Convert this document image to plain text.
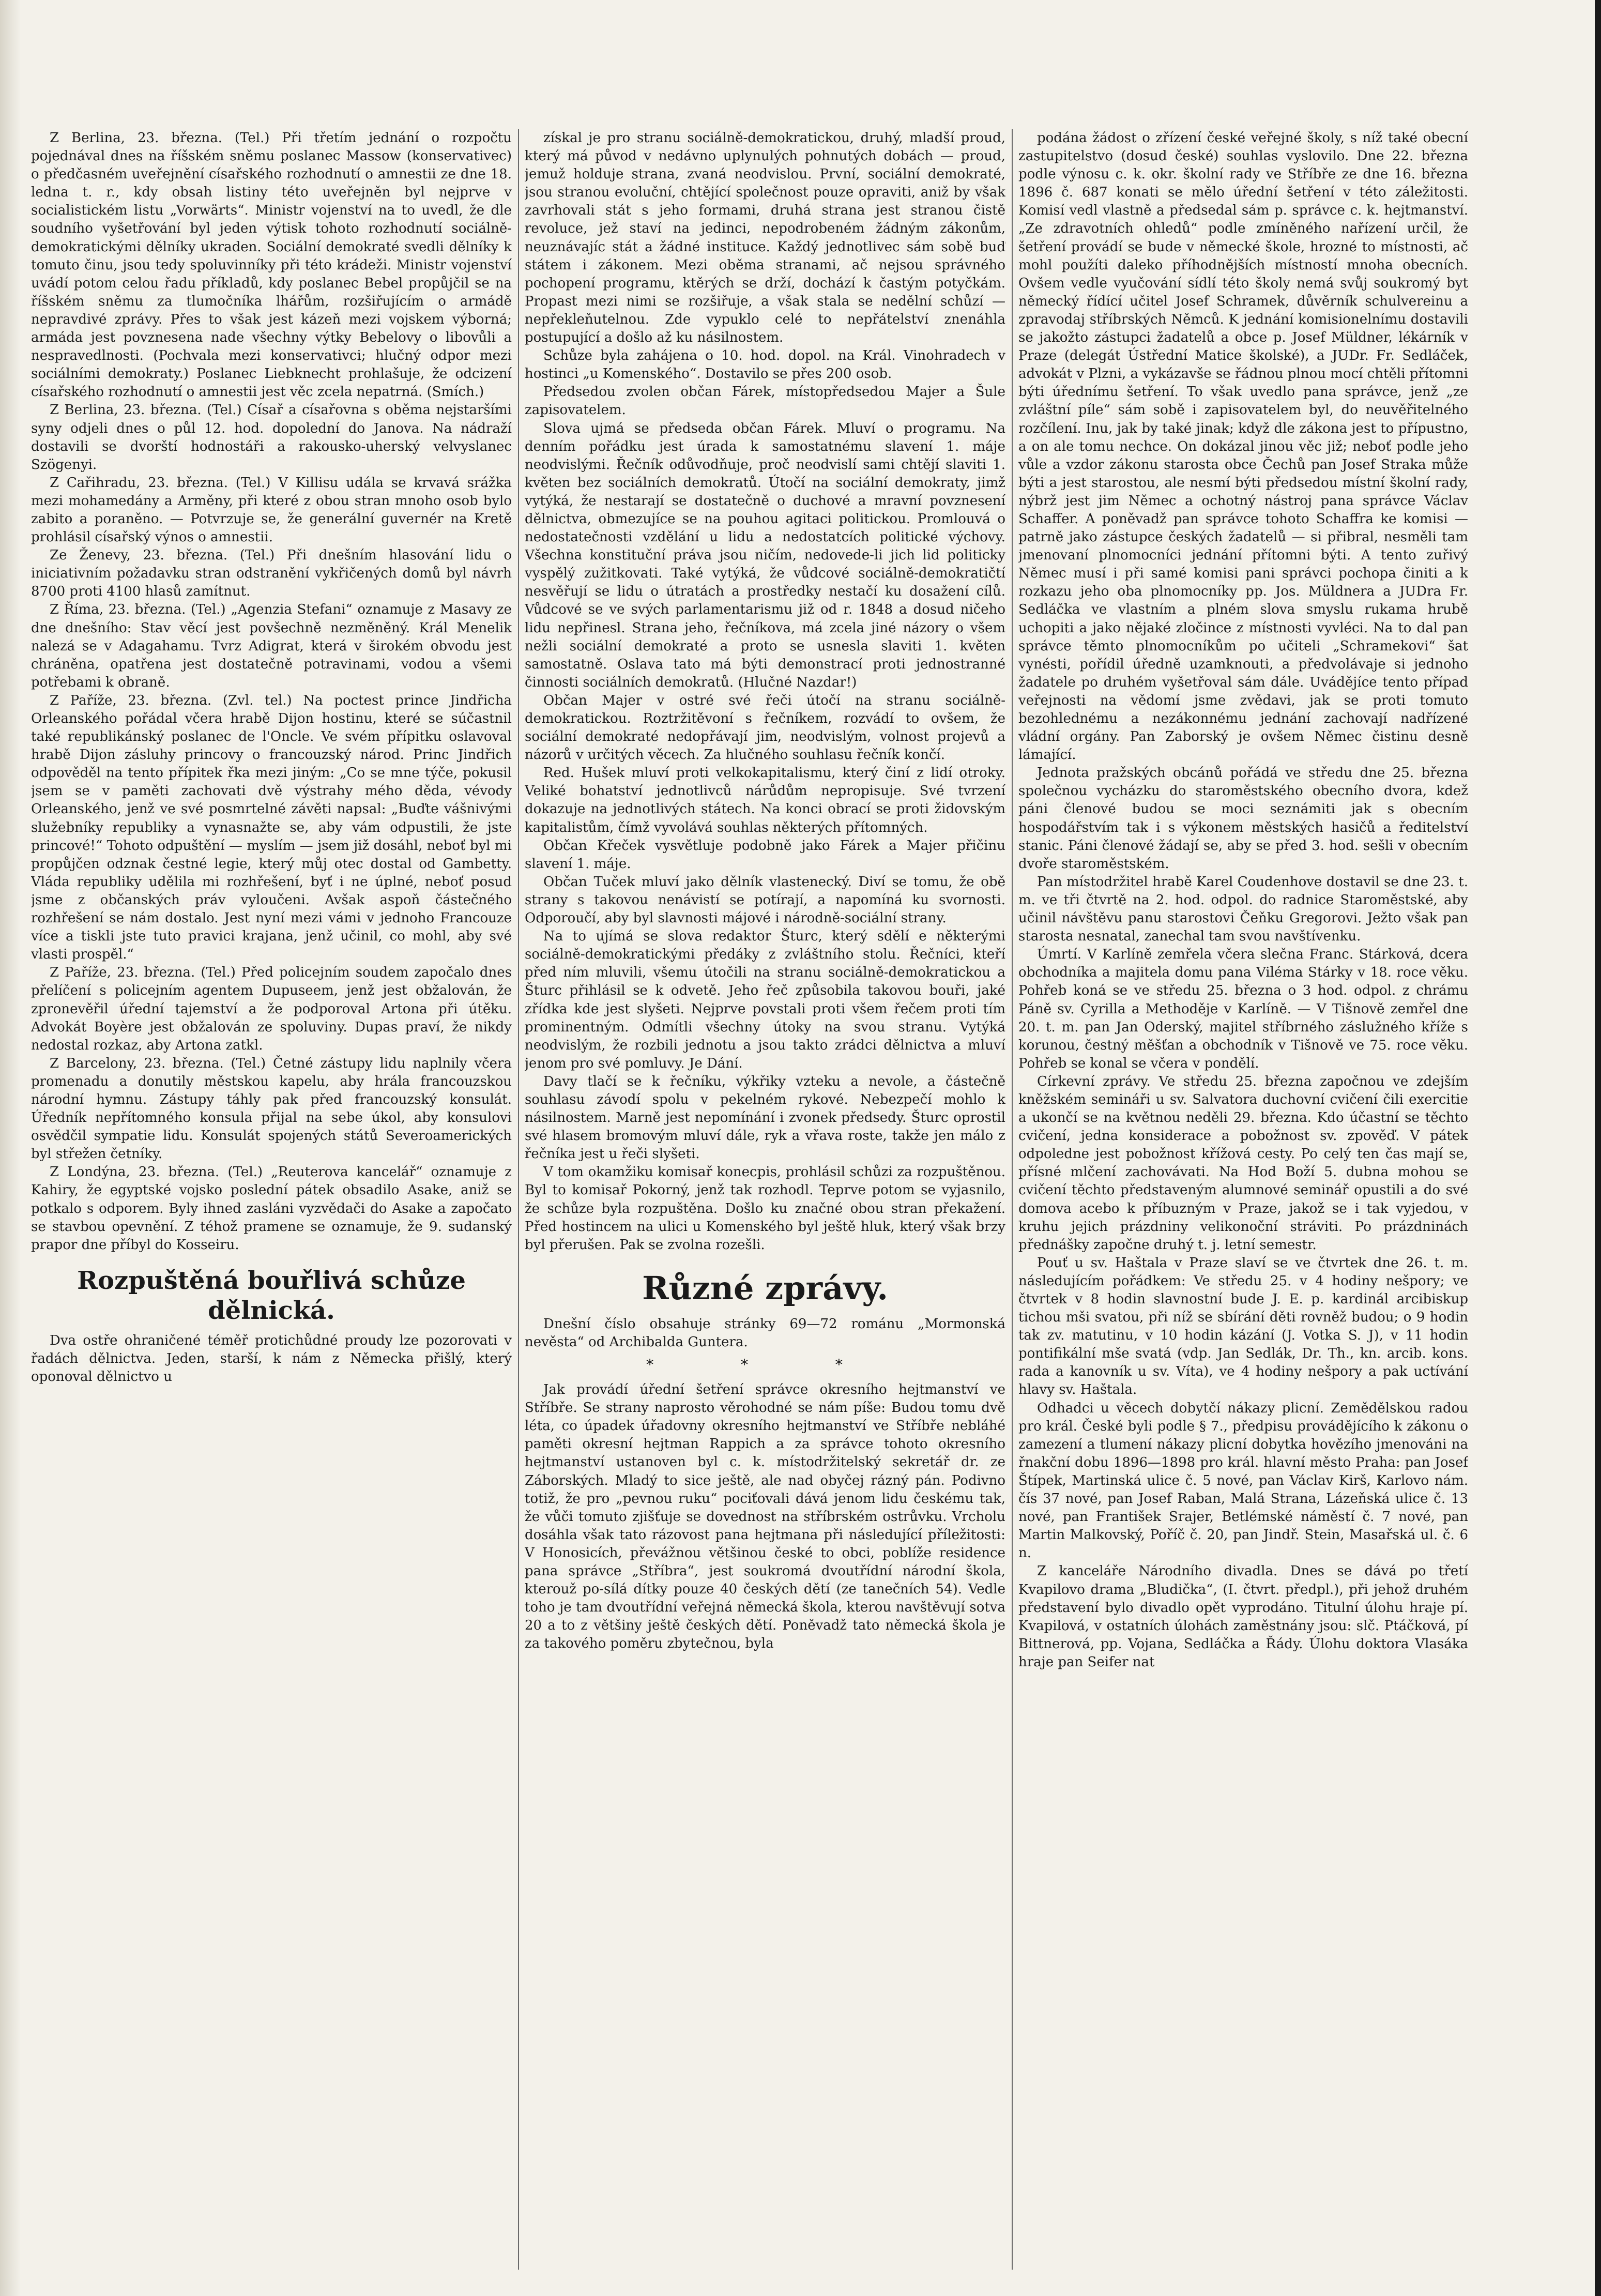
Z Berlina, 23. března. (Tel.) Při třetím jednání o rozpočtu pojednával dnes na říšském sněmu poslanec Massow (konservativec) o předčasném uveřejnění císařského rozhodnutí o amnestii ze dne 18. ledna t. r., kdy obsah listiny této uveřejněn byl nejprve v socialistickém listu „Vorwärts“. Ministr vojenství na to uvedl, že dle soudního vyšetřování byl jeden výtisk tohoto rozhodnutí sociálně-demokratickými dělníky ukraden. Sociální demokraté svedli dělníky k tomuto činu, jsou tedy spoluvinníky při této krádeži. Ministr vojenství uvádí potom celou řadu příkladů, kdy poslanec Bebel propůjčil se na říšském sněmu za tlumočníka lhářům, rozšiřujícím o armádě nepravdivé zprávy. Přes to však jest kázeň mezi vojskem výborná; armáda jest povznesena nade všechny výtky Bebelovy o libovůli a nespravedlnosti. (Pochvala mezi konservativci; hlučný odpor mezi sociálními demokraty.) Poslanec Liebknecht prohlašuje, že odcizení císařského rozhodnutí o amnestii jest věc zcela nepatrná. (Smích.)

Z Berlina, 23. března. (Tel.) Císař a císařovna s oběma nejstaršími syny odjeli dnes o půl 12. hod. dopolední do Janova. Na nádraží dostavili se dvorští hodnostáři a rakousko-uherský velvyslanec Szögenyi.

Z Cařihradu, 23. března. (Tel.) V Killisu udála se krvavá srážka mezi mohamedány a Arměny, při které z obou stran mnoho osob bylo zabito a poraněno. — Potvrzuje se, že generální guvernér na Kretě prohlásil císařský výnos o amnestii.

Ze Ženevy, 23. března. (Tel.) Při dnešním hlasování lidu o iniciativním požadavku stran odstranění vykřičených domů byl návrh 8700 proti 4100 hlasů zamítnut.

Z Říma, 23. března. (Tel.) „Agenzia Stefani“ oznamuje z Masavy ze dne dnešního: Stav věcí jest povšechně nezměněný. Král Menelik nalezá se v Adagahamu. Tvrz Adigrat, která v širokém obvodu jest chráněna, opatřena jest dostatečně potravinami, vodou a všemi potřebami k obraně.

Z Paříže, 23. března. (Zvl. tel.) Na poctest prince Jindřicha Orleanského pořádal včera hrabě Dijon hostinu, které se súčastnil také republikánský poslanec de l'Oncle. Ve svém přípitku oslavoval hrabě Dijon zásluhy princovy o francouzský národ. Princ Jindřich odpověděl na tento přípitek řka mezi jiným: „Co se mne týče, pokusil jsem se v paměti zachovati dvě výstrahy mého děda, vévody Orleanského, jenž ve své posmrtelné závěti napsal: „Buďte vášnivými služebníky republiky a vynasnažte se, aby vám odpustili, že jste princové!“ Tohoto odpuštění — myslím — jsem již dosáhl, neboť byl mi propůjčen odznak čestné legie, který můj otec dostal od Gambetty. Vláda republiky udělila mi rozhřešení, byť i ne úplné, neboť posud jsme z občanských práv vyloučeni. Avšak aspoň částečného rozhřešení se nám dostalo. Jest nyní mezi vámi v jednoho Francouze více a tiskli jste tuto pravici krajana, jenž učinil, co mohl, aby své vlasti prospěl.“

Z Paříže, 23. března. (Tel.) Před policejním soudem započalo dnes přelíčení s policejním agentem Dupuseem, jenž jest obžalován, že zpronevěřil úřední tajemství a že podporoval Artona při útěku. Advokát Boyère jest obžalován ze spoluviny. Dupas praví, že nikdy nedostal rozkaz, aby Artona zatkl.

Z Barcelony, 23. března. (Tel.) Četné zástupy lidu naplnily včera promenadu a donutily městskou kapelu, aby hrála francouzskou národní hymnu. Zástupy táhly pak před francouzský konsulát. Úředník nepřítomného konsula přijal na sebe úkol, aby konsulovi osvědčil sympatie lidu. Konsulát spojených států Severoamerických byl střežen četníky.

Z Londýna, 23. března. (Tel.) „Reuterova kancelář“ oznamuje z Kahiry, že egyptské vojsko poslední pátek obsadilo Asake, aniž se potkalo s odporem. Byly ihned zasláni vyzvědači do Asake a započato se stavbou opevnění. Z téhož pramene se oznamuje, že 9. sudanský prapor dne příbyl do Kosseiru.

Rozpuštěná bouřlivá schůze dělnická.

Dva ostře ohraničené téměř protichůdné proudy lze pozorovati v řadách dělnictva. Jeden, starší, k nám z Německa přišlý, který oponoval dělnictvo u

získal je pro stranu sociálně-demokratickou, druhý, mladší proud, který má původ v nedávno uplynulých pohnutých dobách — proud, jemuž holduje strana, zvaná neodvislou. První, sociální demokraté, jsou stranou evoluční, chtějící společnost pouze opraviti, aniž by však zavrhovali stát s jeho formami, druhá strana jest stranou čistě revoluce, jež staví na jedinci, nepodrobeném žádným zákonům, neuznávajíc stát a žádné instituce. Každý jednotlivec sám sobě buď státem i zákonem. Mezi oběma stranami, ač nejsou správného pochopení programu, ktěrých se drží, dochází k častým potyčkám. Propast mezi nimi se rozšiřuje, a však stala se nedělní schůzí — nepřekleňutelnou. Zde vypuklo celé to nepřátelství znenáhla postupující a došlo až ku násilnostem.

Schůze byla zahájena o 10. hod. dopol. na Král. Vinohradech v hostinci „u Komenského“. Dostavilo se přes 200 osob.

Předsedou zvolen občan Fárek, místopředsedou Majer a Šule zapisovatelem.

Slova ujmá se předseda občan Fárek. Mluví o programu. Na denním pořádku jest úrada k samostatnému slavení 1. máje neodvislými. Řečník odůvodňuje, proč neodvislí sami chtějí slaviti 1. květen bez sociálních demokratů. Útočí na sociální demokraty, jimž vytýká, že nestarají se dostatečně o duchové a mravní povznesení dělnictva, obmezujíce se na pouhou agitaci politickou. Promlouvá o nedostatečnosti vzdělání u lidu a nedostatcích politické výchovy. Všechna konstituční práva jsou ničím, nedovede-li jich lid politicky vyspělý zužitkovati. Také vytýká, že vůdcové sociálně-demokratičtí nesvěřují se lidu o útratách a prostředky nestačí ku dosažení cílů. Vůdcové se ve svých parlamentarismu již od r. 1848 a dosud ničeho lidu nepřinesl. Strana jeho, řečníkova, má zcela jiné názory o všem nežli sociální demokraté a proto se usnesla slaviti 1. květen samostatně. Oslava tato má býti demonstrací proti jednostranné činnosti sociálních demokratů. (Hlučné Nazdar!)

Občan Majer v ostré své řeči útočí na stranu sociálně-demokratickou. Roztržitěvoní s řečníkem, rozvádí to ovšem, že sociální demokraté nedopřávají jim, neodvislým, volnost projevů a názorů v určitých věcech. Za hlučného souhlasu řečník končí.

Red. Hušek mluví proti velkokapitalismu, který činí z lidí otroky. Veliké bohatství jednotlivců nárůdům nepropisuje. Své tvrzení dokazuje na jednotlivých státech. Na konci obrací se proti židovským kapitalistům, čímž vyvolává souhlas některých přítomných.

Občan Křeček vysvětluje podobně jako Fárek a Majer přičinu slavení 1. máje.

Občan Tuček mluví jako dělník vlastenecký. Diví se tomu, že obě strany s takovou nenávistí se potírají, a napomíná ku svornosti. Odporoučí, aby byl slavnosti májové i národně-sociální strany.

Na to ujímá se slova redaktor Šturc, který sdělí e některými sociálně-demokratickými předáky z zvláštního stolu. Řečníci, kteří před ním mluvili, všemu útočili na stranu sociálně-demokratickou a Šturc přihlásil se k odvetě. Jeho řeč způsobila takovou bouři, jaké zřídka kde jest slyšeti. Nejprve povstali proti všem řečem proti tím prominentným. Odmítli všechny útoky na svou stranu. Vytýká neodvislým, že rozbili jednotu a jsou takto zrádci dělnictva a mluví jenom pro své pomluvy. Je Dání.

Davy tlačí se k řečníku, výkřiky vzteku a nevole, a částečně souhlasu závodí spolu v pekelném rykové. Nebezpečí mohlo k násilnostem. Marně jest nepomínání i zvonek předsedy. Šturc oprostil své hlasem bromovým mluví dále, ryk a vřava roste, takže jen málo z řečníka jest u řeči slyšeti.

V tom okamžiku komisař konecpis, prohlásil schůzi za rozpuštěnou. Byl to komisař Pokorný, jenž tak rozhodl. Teprve potom se vyjasnilo, že schůze byla rozpuštěna. Došlo ku značné obou stran překažení. Před hostincem na ulici u Komenského byl ještě hluk, který však brzy byl přerušen. Pak se zvolna rozešli.

Různé zprávy.

Dnešní číslo obsahuje stránky 69—72 románu „Mormonská nevěsta“ od Archibalda Guntera.

* * *

Jak provádí úřední šetření správce okresního hejtmanství ve Stříbře. Se strany naprosto věrohodné se nám píše: Budou tomu dvě léta, co úpadek úřadovny okresního hejtmanství ve Stříbře nebláhé paměti okresní hejtman Rappich a za správce tohoto okresního hejtmanství ustanoven byl c. k. místodržitelský sekretář dr. ze Záborských. Mladý to sice ještě, ale nad obyčej rázný pán. Podivno totiž, že pro „pevnou ruku“ pociťovali dává jenom lidu českému tak, že vůči tomuto zjišťuje se dovednost na stříbrském ostrůvku. Vrcholu dosáhla však tato rázovost pana hejtmana při následující příležitosti: V Honosicích, převážnou většinou české to obci, poblíže residence pana správce „Stříbra“, jest soukromá dvoutřídní národní škola, kterouž po-sílá dítky pouze 40 českých dětí (ze tanečních 54). Vedle toho je tam dvoutřídní veřejná německá škola, kterou navštěvují sotva 20 a to z většiny ještě českých dětí. Poněvadž tato německá škola je za takového poměru zbytečnou, byla

podána žádost o zřízení české veřejné školy, s níž také obecní zastupitelstvo (dosud české) souhlas vyslovilo. Dne 22. března podle výnosu c. k. okr. školní rady ve Stříbře ze dne 16. března 1896 č. 687 konati se mělo úřední šetření v této záležitosti. Komisí vedl vlastně a předsedal sám p. správce c. k. hejtmanství. „Ze zdravotních ohledů“ podle zmíněného nařízení určil, že šetření provádí se bude v německé škole, hrozné to místnosti, ač mohl použíti daleko příhodnějších místností mnoha obecních. Ovšem vedle vyučování sídlí této školy nemá svůj soukromý byt německý řídící učitel Josef Schramek, důvěrník schulvereinu a zpravodaj stříbrských Němců. K jednání komisionelnímu dostavili se jakožto zástupci žadatelů a obce p. Josef Müldner, lékárník v Praze (delegát Ústřední Matice školské), a JUDr. Fr. Sedláček, advokát v Plzni, a vykázavše se řádnou plnou mocí chtěli přítomni býti úřednímu šetření. To však uvedlo pana správce, jenž „ze zvláštní píle“ sám sobě i zapisovatelem byl, do neuvěřitelného rozčílení. Inu, jak by také jinak; když dle zákona jest to přípustno, a on ale tomu nechce. On dokázal jinou věc již; neboť podle jeho vůle a vzdor zákonu starosta obce Čechů pan Josef Straka může býti a jest starostou, ale nesmí býti předsedou místní školní rady, nýbrž jest jim Němec a ochotný nástroj pana správce Václav Schaffer. A poněvadž pan správce tohoto Schaffra ke komisi — patrně jako zástupce českých žadatelů — si přibral, nesměli tam jmenovaní plnomocníci jednání přítomni býti. A tento zuřivý Němec musí i při samé komisi pani správci pochopa činiti a k rozkazu jeho oba plnomocníky pp. Jos. Müldnera a JUDra Fr. Sedláčka ve vlastním a plném slova smyslu rukama hrubě uchopiti a jako nějaké zločince z místnosti vyvléci. Na to dal pan správce těmto plnomocníkům po učiteli „Schramekovi“ šat vynésti, pořídil úředně uzamknouti, a předvolávaje si jednoho žadatele po druhém vyšetřoval sám dále. Uvádějíce tento případ veřejnosti na vědomí jsme zvědavi, jak se proti tomuto bezohlednému a nezákonnému jednání zachovají nadřízené vládní orgány. Pan Zaborský je ovšem Němec čistinu desně lámající.

Jednota pražských obcánů pořádá ve středu dne 25. března společnou vycházku do staroměstského obecního dvora, kdež páni členové budou se moci seznámiti jak s obecním hospodářstvím tak i s výkonem městských hasičů a ředitelství stanic. Páni členové žádají se, aby se před 3. hod. sešli v obecním dvoře staroměstském.

Pan místodržitel hrabě Karel Coudenhove dostavil se dne 23. t. m. ve tři čtvrtě na 2. hod. odpol. do radnice Staroměstské, aby učinil návštěvu panu starostovi Čeňku Gregorovi. Ježto však pan starosta nesnatal, zanechal tam svou navštívenku.

Úmrtí. V Karlíně zemřela včera slečna Franc. Stárková, dcera obchodníka a majitela domu pana Viléma Stárky v 18. roce věku. Pohřeb koná se ve středu 25. března o 3 hod. odpol. z chrámu Páně sv. Cyrilla a Methoděje v Karlíně. — V Tišnově zemřel dne 20. t. m. pan Jan Oderský, majitel stříbrného záslužného kříže s korunou, čestný měšťan a obchodník v Tišnově ve 75. roce věku. Pohřeb se konal se včera v pondělí.

Církevní zprávy. Ve středu 25. března započnou ve zdejším kněžském semináři u sv. Salvatora duchovní cvičení čili exercitie a ukončí se na květnou neděli 29. března. Kdo účastní se těchto cvičení, jedna konsiderace a pobožnost sv. zpověď. V pátek odpoledne jest pobožnost křížová cesty. Po celý ten čas mají se, přísné mlčení zachovávati. Na Hod Boží 5. dubna mohou se cvičení těchto představeným alumnové seminář opustili a do své domova acebo k příbuzným v Praze, jakož se i tak vyjedou, v kruhu jejich prázdniny velikonoční stráviti. Po prázdninách přednášky započne druhý t. j. letní semestr.

Pouť u sv. Haštala v Praze slaví se ve čtvrtek dne 26. t. m. následujícím pořádkem: Ve středu 25. v 4 hodiny nešpory; ve čtvrtek v 8 hodin slavnostní bude J. E. p. kardinál arcibiskup tichou mši svatou, při níž se sbírání děti rovněž budou; o 9 hodin tak zv. matutinu, v 10 hodin kázání (J. Votka S. J), v 11 hodin pontifikální mše svatá (vdp. Jan Sedlák, Dr. Th., kn. arcib. kons. rada a kanovník u sv. Víta), ve 4 hodiny nešpory a pak uctívání hlavy sv. Haštala.

Odhadci u věcech dobytčí nákazy plicní. Zemědělskou radou pro král. České byli podle § 7., předpisu provádějícího k zákonu o zamezení a tlumení nákazy plicní dobytka hovězího jmenováni na řnakční dobu 1896—1898 pro král. hlavní město Praha: pan Josef Štípek, Martinská ulice č. 5 nové, pan Václav Kirš, Karlovo nám. čís 37 nové, pan Josef Raban, Malá Strana, Lázeňská ulice č. 13 nové, pan František Srajer, Betlémské náměstí č. 7 nové, pan Martin Malkovský, Poříč č. 20, pan Jindř. Stein, Masařská ul. č. 6 n.

Z kanceláře Národního divadla. Dnes se dává po třetí Kvapilovo drama „Bludička“, (I. čtvrt. předpl.), při jehož druhém představení bylo divadlo opět vyprodáno. Titulní úlohu hraje pí. Kvapilová, v ostatních úlohách zaměstnány jsou: slč. Ptáčková, pí Bittnerová, pp. Vojana, Sedláčka a Řády. Úlohu doktora Vlasáka hraje pan Seifer nat
